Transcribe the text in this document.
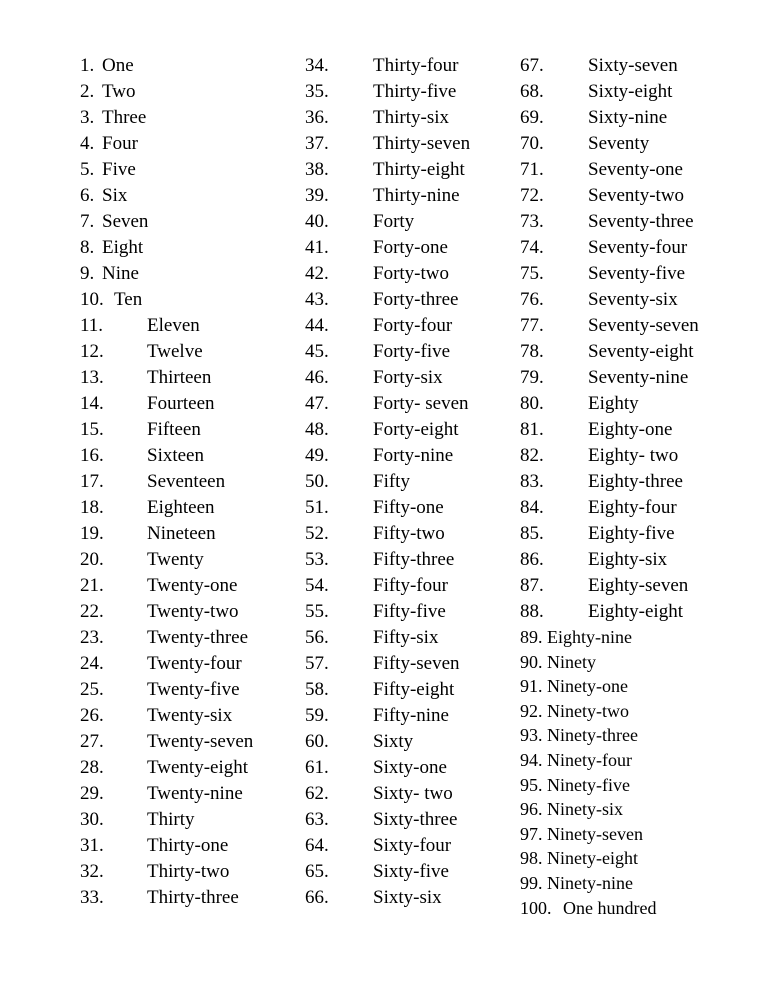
1. One
2. Two
3. Three
4. Four
5. Five
6. Six
7. Seven
8. Eight
9. Nine
10. Ten
11. Eleven
12. Twelve
13. Thirteen
14. Fourteen
15. Fifteen
16. Sixteen
17. Seventeen
18. Eighteen
19. Nineteen
20. Twenty
21. Twenty-one
22. Twenty-two
23. Twenty-three
24. Twenty-four
25. Twenty-five
26. Twenty-six
27. Twenty-seven
28. Twenty-eight
29. Twenty-nine
30. Thirty
31. Thirty-one
32. Thirty-two
33. Thirty-three
34. Thirty-four
35. Thirty-five
36. Thirty-six
37. Thirty-seven
38. Thirty-eight
39. Thirty-nine
40. Forty
41. Forty-one
42. Forty-two
43. Forty-three
44. Forty-four
45. Forty-five
46. Forty-six
47. Forty- seven
48. Forty-eight
49. Forty-nine
50. Fifty
51. Fifty-one
52. Fifty-two
53. Fifty-three
54. Fifty-four
55. Fifty-five
56. Fifty-six
57. Fifty-seven
58. Fifty-eight
59. Fifty-nine
60. Sixty
61. Sixty-one
62. Sixty- two
63. Sixty-three
64. Sixty-four
65. Sixty-five
66. Sixty-six
67. Sixty-seven
68. Sixty-eight
69. Sixty-nine
70. Seventy
71. Seventy-one
72. Seventy-two
73. Seventy-three
74. Seventy-four
75. Seventy-five
76. Seventy-six
77. Seventy-seven
78. Seventy-eight
79. Seventy-nine
80. Eighty
81. Eighty-one
82. Eighty- two
83. Eighty-three
84. Eighty-four
85. Eighty-five
86. Eighty-six
87. Eighty-seven
88. Eighty-eight
89. Eighty-nine
90. Ninety
91. Ninety-one
92. Ninety-two
93. Ninety-three
94. Ninety-four
95. Ninety-five
96. Ninety-six
97. Ninety-seven
98. Ninety-eight
99. Ninety-nine
100. One hundred
